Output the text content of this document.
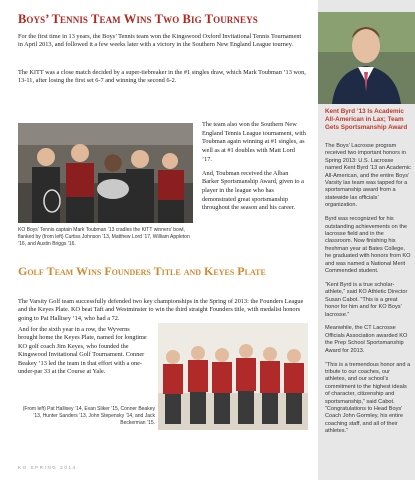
Boys’ Tennis Team Wins Two Big Tourneys

For the first time in 13 years, the Boys’ Tennis team won the Kingswood Oxford Invitational Tennis Tournament in April 2013, and followed it a few weeks later with a victory in the Southern New England League tourney.

The KITT was a close match decided by a super-tiebreaker in the #1 singles draw, which Mark Toubman ’13 won, 13-11, after losing the first set 6-7 and winning the second 6-2.

KO Boys’ Tennis captain Mark Toubman ’13 cradles the KITT winners’ bowl, flanked by (from left) Curtiss Johnson ’13, Matthew Lord ’17, William Appleton ’16, and Austin Briggs ’16.

The team also won the Southern New England Tennis League tournament, with Toubman again winning at #1 singles, as well as at #1 doubles with Matt Lord ’17.

And, Toubman received the Alban Barker Sportsmanship Award, given to a player in the league who has demonstrated great sportsmanship throughout the season and his career.

Golf Team Wins Founders Title and Keyes Plate

The Varsity Golf team successfully defended two key championships in the Spring of 2013: the Founders League and the Keyes Plate. KO beat Taft and Westminster to win the third straight Founders title, with medalist honors going to Pat Hallisey ’14, who had a 72.

And for the sixth year in a row, the Wyverns brought home the Keyes Plate, named for longtime KO golf coach Jim Keyes, who founded the Kingswood Invitational Golf Tournament. Conner Beakey ’13 led the team in that effort with a one-under-par 33 at the Course at Yale.

(From left) Pat Hallisey ’14, Evan Sliker ’15, Conner Beakey ’13, Hunter Sanders ’13, John Stepensky ’14, and Jack Beckerman ’15.
KO SPRING 2014
Kent Byrd ’13 Is Academic All-American in Lax; Team Gets Sportsmanship Award

The Boys’ Lacrosse program received two important honors in Spring 2013: U.S. Lacrosse named Kent Byrd ’13 an Academic All-American, and the entire Boys’ Varsity lax team was tapped for a sportsmanship award from a statewide lax officials’ organization.

Byrd was recognized for his outstanding achievements on the lacrosse field and in the classroom. Now finishing his freshman year at Bates College, he graduated with honors from KO and was named a National Merit Commended student.

“Kent Byrd is a true scholar-athlete,” said KO Athletic Director Susan Cabot. “This is a great honor for him and for KO Boys’ lacrosse.”

Meanwhile, the CT Lacrosse Officials Association awarded KO the Prep School Sportsmanship Award for 2013.

“This is a tremendous honor and a tribute to our coaches, our athletes, and our school’s commitment to the highest ideals of character, citizenship and sportsmanship,” said Cabot. “Congratulations to Head Boys’ Coach John Gormley, his entire coaching staff, and all of their athletes.”
